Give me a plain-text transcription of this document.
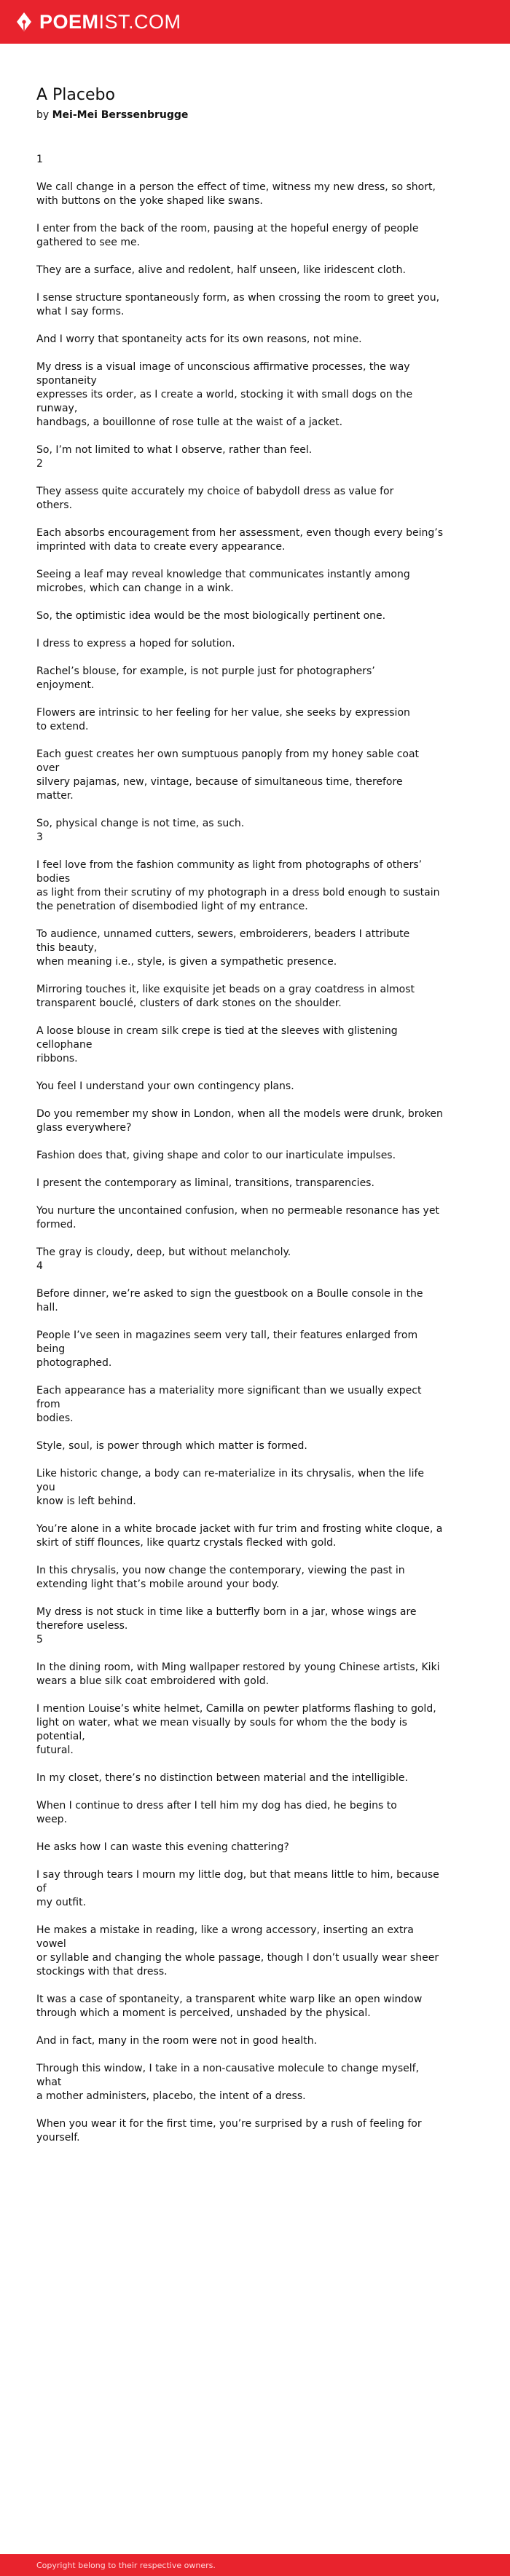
POEMIST.COM
A Placebo
by Mei-Mei Berssenbrugge
1
We call change in a person the effect of time, witness my new dress, so short,
with buttons on the yoke shaped like swans.
I enter from the back of the room, pausing at the hopeful energy of people
gathered to see me.
They are a surface, alive and redolent, half unseen, like iridescent cloth.
I sense structure spontaneously form, as when crossing the room to greet you,
what I say forms.
And I worry that spontaneity acts for its own reasons, not mine.
My dress is a visual image of unconscious affirmative processes, the way spontaneity
expresses its order, as I create a world, stocking it with small dogs on the runway,
handbags, a bouillonne of rose tulle at the waist of a jacket.
So, I’m not limited to what I observe, rather than feel.
2
They assess quite accurately my choice of babydoll dress as value for
others.
Each absorbs encouragement from her assessment, even though every being’s
imprinted with data to create every appearance.
Seeing a leaf may reveal knowledge that communicates instantly among
microbes, which can change in a wink.
So, the optimistic idea would be the most biologically pertinent one.
I dress to express a hoped for solution.
Rachel’s blouse, for example, is not purple just for photographers’
enjoyment.
Flowers are intrinsic to her feeling for her value, she seeks by expression
to extend.
Each guest creates her own sumptuous panoply from my honey sable coat over
silvery pajamas, new, vintage, because of simultaneous time, therefore
matter.
So, physical change is not time, as such.
3
I feel love from the fashion community as light from photographs of others’ bodies
as light from their scrutiny of my photograph in a dress bold enough to sustain
the penetration of disembodied light of my entrance.
To audience, unnamed cutters, sewers, embroiderers, beaders I attribute
this beauty,
when meaning i.e., style, is given a sympathetic presence.
Mirroring touches it, like exquisite jet beads on a gray coatdress in almost
transparent bouclé, clusters of dark stones on the shoulder.
A loose blouse in cream silk crepe is tied at the sleeves with glistening cellophane
ribbons.
You feel I understand your own contingency plans.
Do you remember my show in London, when all the models were drunk, broken
glass everywhere?
Fashion does that, giving shape and color to our inarticulate impulses.
I present the contemporary as liminal, transitions, transparencies.
You nurture the uncontained confusion, when no permeable resonance has yet
formed.
The gray is cloudy, deep, but without melancholy.
4
Before dinner, we’re asked to sign the guestbook on a Boulle console in the
hall.
People I’ve seen in magazines seem very tall, their features enlarged from being
photographed.
Each appearance has a materiality more significant than we usually expect from
bodies.
Style, soul, is power through which matter is formed.
Like historic change, a body can re-materialize in its chrysalis, when the life you
know is left behind.
You’re alone in a white brocade jacket with fur trim and frosting white cloque, a
skirt of stiff flounces, like quartz crystals flecked with gold.
In this chrysalis, you now change the contemporary, viewing the past in
extending light that’s mobile around your body.
My dress is not stuck in time like a butterfly born in a jar, whose wings are
therefore useless.
5
In the dining room, with Ming wallpaper restored by young Chinese artists, Kiki
wears a blue silk coat embroidered with gold.
I mention Louise’s white helmet, Camilla on pewter platforms flashing to gold,
light on water, what we mean visually by souls for whom the the body is potential,
futural.
In my closet, there’s no distinction between material and the intelligible.
When I continue to dress after I tell him my dog has died, he begins to
weep.
He asks how I can waste this evening chattering?
I say through tears I mourn my little dog, but that means little to him, because of
my outfit.
He makes a mistake in reading, like a wrong accessory, inserting an extra vowel
or syllable and changing the whole passage, though I don’t usually wear sheer
stockings with that dress.
It was a case of spontaneity, a transparent white warp like an open window
through which a moment is perceived, unshaded by the physical.
And in fact, many in the room were not in good health.
Through this window, I take in a non-causative molecule to change myself, what
a mother administers, placebo, the intent of a dress.
When you wear it for the first time, you’re surprised by a rush of feeling for
yourself.
Copyright belong to their respective owners.
